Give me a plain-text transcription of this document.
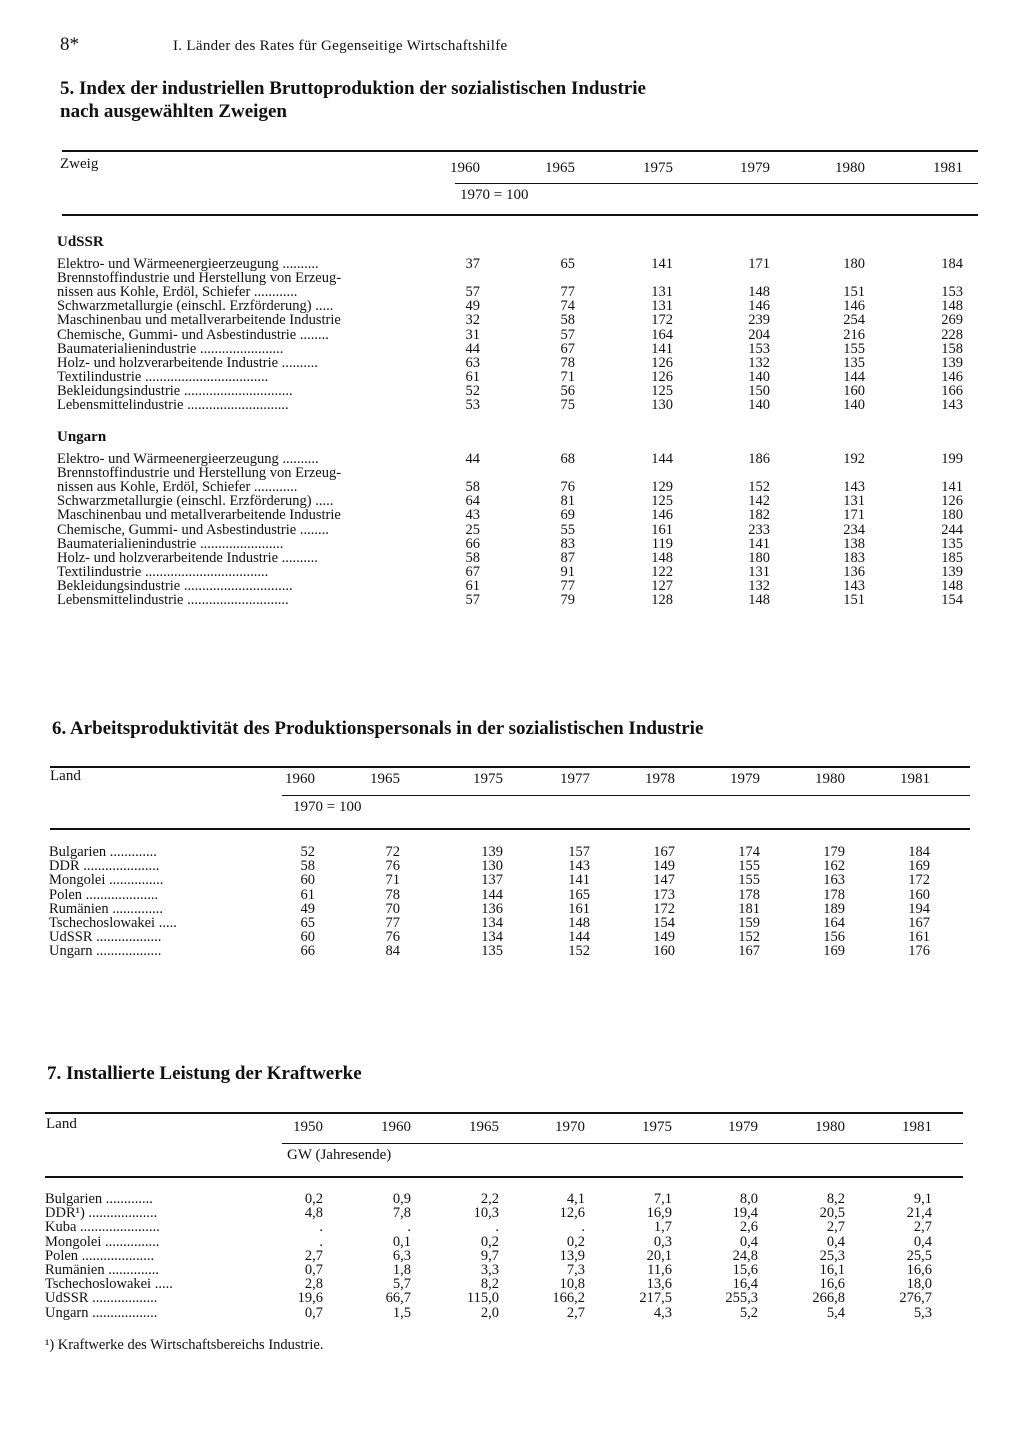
8*	I. Länder des Rates für Gegenseitige Wirtschaftshilfe
5. Index der industriellen Bruttoproduktion der sozialistischen Industrie
nach ausgewählten Zweigen
Zweig	1960	1965	1975	1979	1980	1981
1970 = 100
UdSSR
Elektro- und Wärmeenergieerzeugung ..........	37	65	141	171	180	184
Brennstoffindustrie und Herstellung von Erzeug-
nissen aus Kohle, Erdöl, Schiefer ............	57	77	131	148	151	153
Schwarzmetallurgie (einschl. Erzförderung) .....	49	74	131	146	146	148
Maschinenbau und metallverarbeitende Industrie	32	58	172	239	254	269
Chemische, Gummi- und Asbestindustrie ........	31	57	164	204	216	228
Baumaterialienindustrie .......................	44	67	141	153	155	158
Holz- und holzverarbeitende Industrie ..........	63	78	126	132	135	139
Textilindustrie ..................................	61	71	126	140	144	146
Bekleidungsindustrie ..............................	52	56	125	150	160	166
Lebensmittelindustrie ............................	53	75	130	140	140	143
Ungarn
Elektro- und Wärmeenergieerzeugung ..........	44	68	144	186	192	199
Brennstoffindustrie und Herstellung von Erzeug-
nissen aus Kohle, Erdöl, Schiefer ............	58	76	129	152	143	141
Schwarzmetallurgie (einschl. Erzförderung) .....	64	81	125	142	131	126
Maschinenbau und metallverarbeitende Industrie	43	69	146	182	171	180
Chemische, Gummi- und Asbestindustrie ........	25	55	161	233	234	244
Baumaterialienindustrie .......................	66	83	119	141	138	135
Holz- und holzverarbeitende Industrie ..........	58	87	148	180	183	185
Textilindustrie ..................................	67	91	122	131	136	139
Bekleidungsindustrie ..............................	61	77	127	132	143	148
Lebensmittelindustrie ............................	57	79	128	148	151	154
6. Arbeitsproduktivität des Produktionspersonals in der sozialistischen Industrie
Land	1960	1965	1975	1977	1978	1979	1980	1981
1970 = 100
Bulgarien .............	52	72	139	157	167	174	179	184
DDR .....................	58	76	130	143	149	155	162	169
Mongolei ...............	60	71	137	141	147	155	163	172
Polen ....................	61	78	144	165	173	178	178	160
Rumänien ..............	49	70	136	161	172	181	189	194
Tschechoslowakei .....	65	77	134	148	154	159	164	167
UdSSR ..................	60	76	134	144	149	152	156	161
Ungarn ..................	66	84	135	152	160	167	169	176
7. Installierte Leistung der Kraftwerke
Land	1950	1960	1965	1970	1975	1979	1980	1981
GW (Jahresende)
Bulgarien .............	0,2	0,9	2,2	4,1	7,1	8,0	8,2	9,1
DDR¹) ...................	4,8	7,8	10,3	12,6	16,9	19,4	20,5	21,4
Kuba ......................	.	.	.	.	1,7	2,6	2,7	2,7
Mongolei ...............	.	0,1	0,2	0,2	0,3	0,4	0,4	0,4
Polen ....................	2,7	6,3	9,7	13,9	20,1	24,8	25,3	25,5
Rumänien ..............	0,7	1,8	3,3	7,3	11,6	15,6	16,1	16,6
Tschechoslowakei .....	2,8	5,7	8,2	10,8	13,6	16,4	16,6	18,0
UdSSR ..................	19,6	66,7	115,0	166,2	217,5	255,3	266,8	276,7
Ungarn ..................	0,7	1,5	2,0	2,7	4,3	5,2	5,4	5,3
¹) Kraftwerke des Wirtschaftsbereichs Industrie.
